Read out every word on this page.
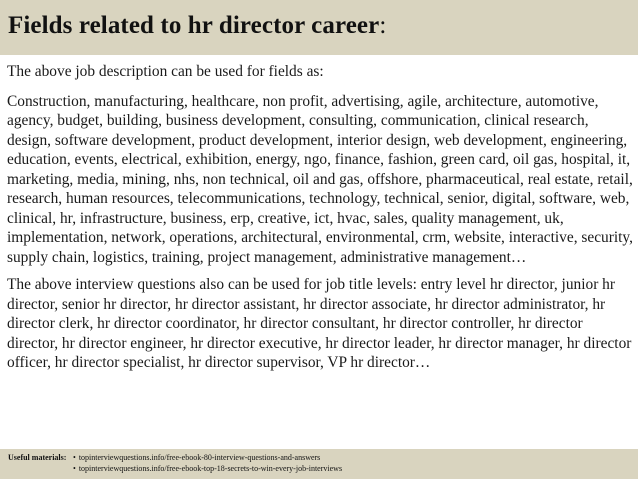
Fields related to hr director career:

The above job description can be used for fields as:

Construction, manufacturing, healthcare, non profit, advertising, agile, architecture, automotive, agency, budget, building, business development, consulting, communication, clinical research, design, software development, product development, interior design, web development, engineering, education, events, electrical, exhibition, energy, ngo, finance, fashion, green card, oil gas, hospital, it, marketing, media, mining, nhs, non technical, oil and gas, offshore, pharmaceutical, real estate, retail, research, human resources, telecommunications, technology, technical, senior, digital, software, web, clinical, hr, infrastructure, business, erp, creative, ict, hvac, sales, quality management, uk, implementation, network, operations, architectural, environmental, crm, website, interactive, security, supply chain, logistics, training, project management, administrative management…

The above interview questions also can be used for job title levels: entry level hr director, junior hr director, senior hr director, hr director assistant, hr director associate, hr director administrator, hr director clerk, hr director coordinator, hr director consultant, hr director controller, hr director director, hr director engineer, hr director executive, hr director leader, hr director manager, hr director officer, hr director specialist, hr director supervisor, VP hr director…

Useful materials: • topinterviewquestions.info/free-ebook-80-interview-questions-and-answers
• topinterviewquestions.info/free-ebook-top-18-secrets-to-win-every-job-interviews
